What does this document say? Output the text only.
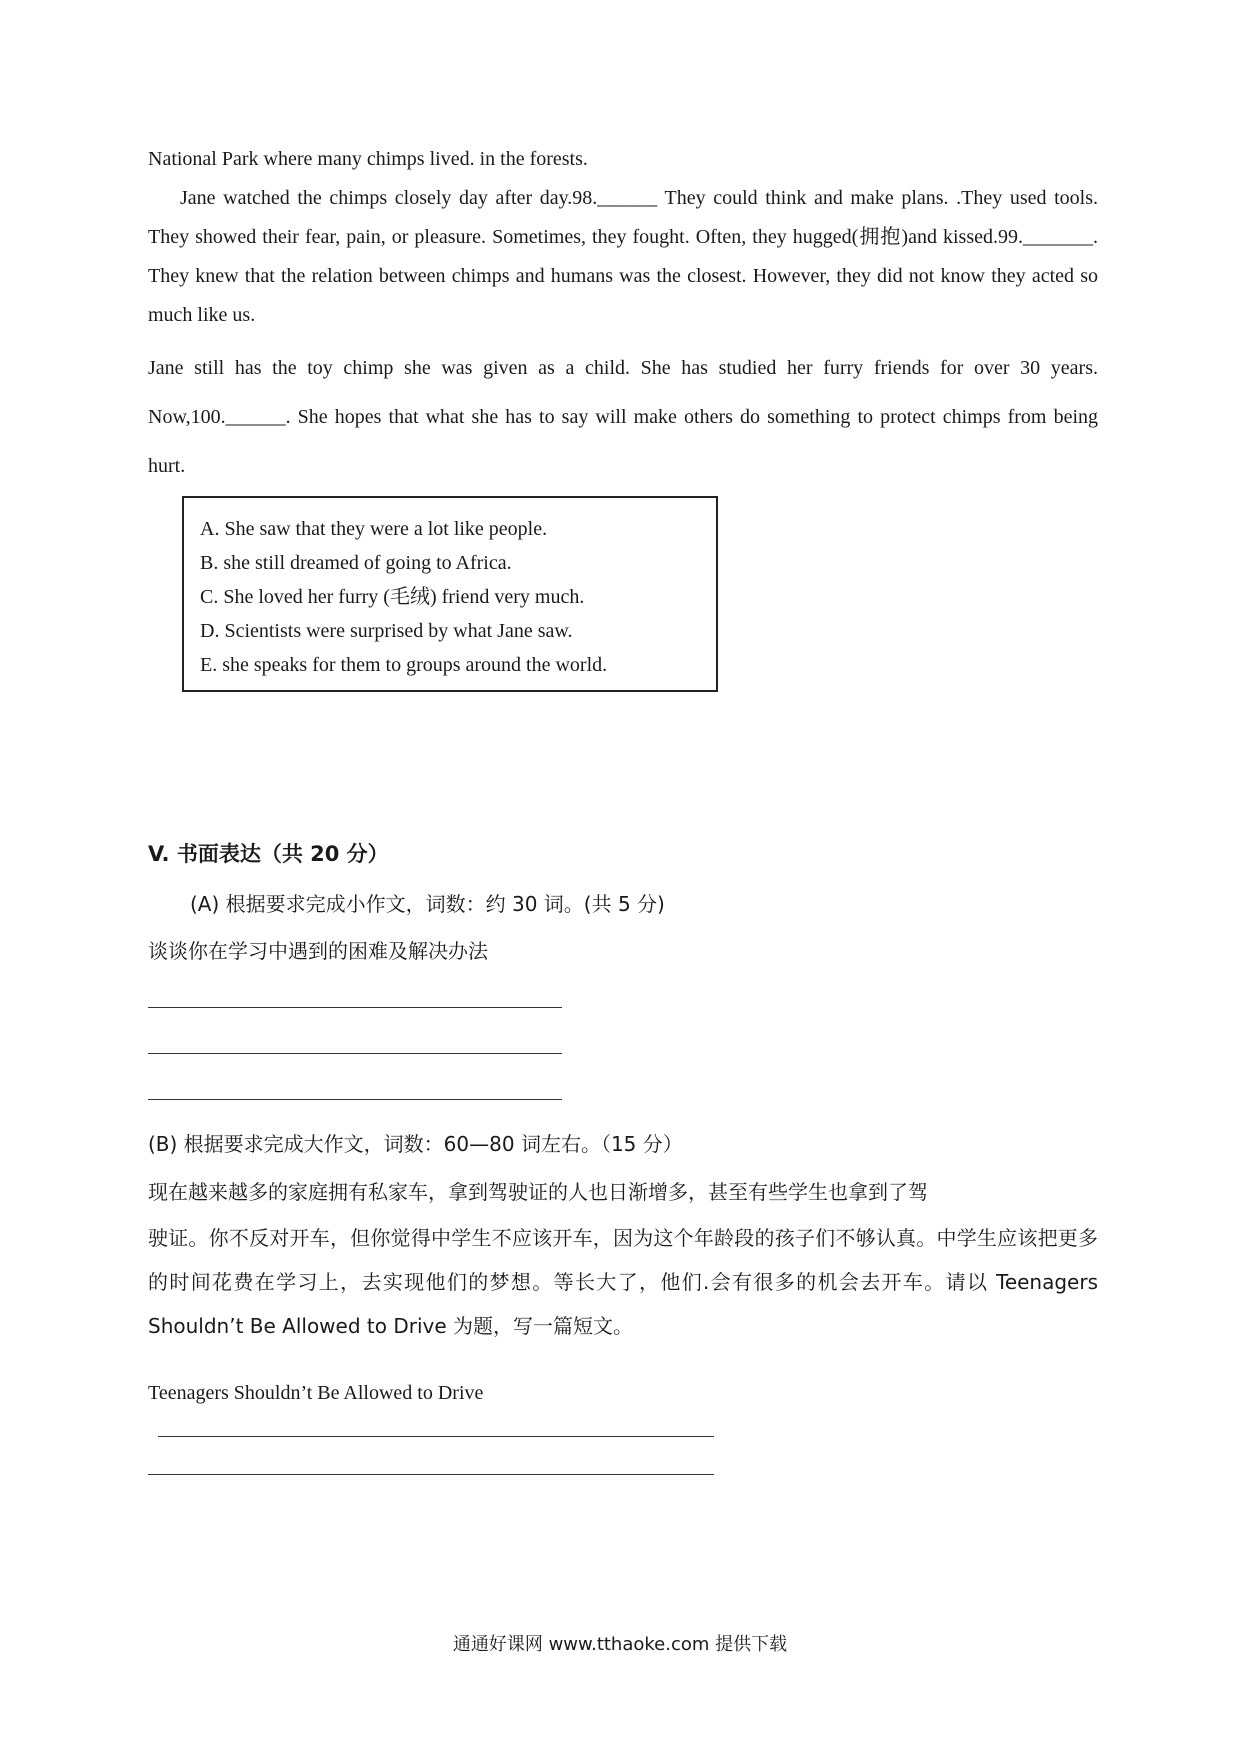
National Park where many chimps lived. in the forests.

Jane watched the chimps closely day after day.98.______ They could think and make plans. .They used tools. They showed their fear, pain, or pleasure. Sometimes, they fought. Often, they hugged(拥抱)and kissed.99._______. They knew that the relation between chimps and humans was the closest. However, they did not know they acted so much like us.

Jane still has the toy chimp she was given as a child. She has studied her furry friends for over 30 years. Now,100.______. She hopes that what she has to say will make others do something to protect chimps from being hurt.

A. She saw that they were a lot like people.

B. she still dreamed of going to Africa.

C. She loved her furry (毛绒) friend very much.

D. Scientists were surprised by what Jane saw.

E. she speaks for them to groups around the world.

V. 书面表达（共 20 分）

(A) 根据要求完成小作文，词数：约 30 词。(共 5 分)

谈谈你在学习中遇到的困难及解决办法

(B) 根据要求完成大作文，词数：60—80 词左右。（15 分）

现在越来越多的家庭拥有私家车，拿到驾驶证的人也日渐增多，甚至有些学生也拿到了驾

驶证。你不反对开车，但你觉得中学生不应该开车，因为这个年龄段的孩子们不够认真。中学生应该把更多的时间花费在学习上，去实现他们的梦想。等长大了，他们.会有很多的机会去开车。请以 Teenagers Shouldn’t Be Allowed to Drive 为题，写一篇短文。

Teenagers Shouldn’t Be Allowed to Drive

通通好课网 www.tthaoke.com 提供下载
